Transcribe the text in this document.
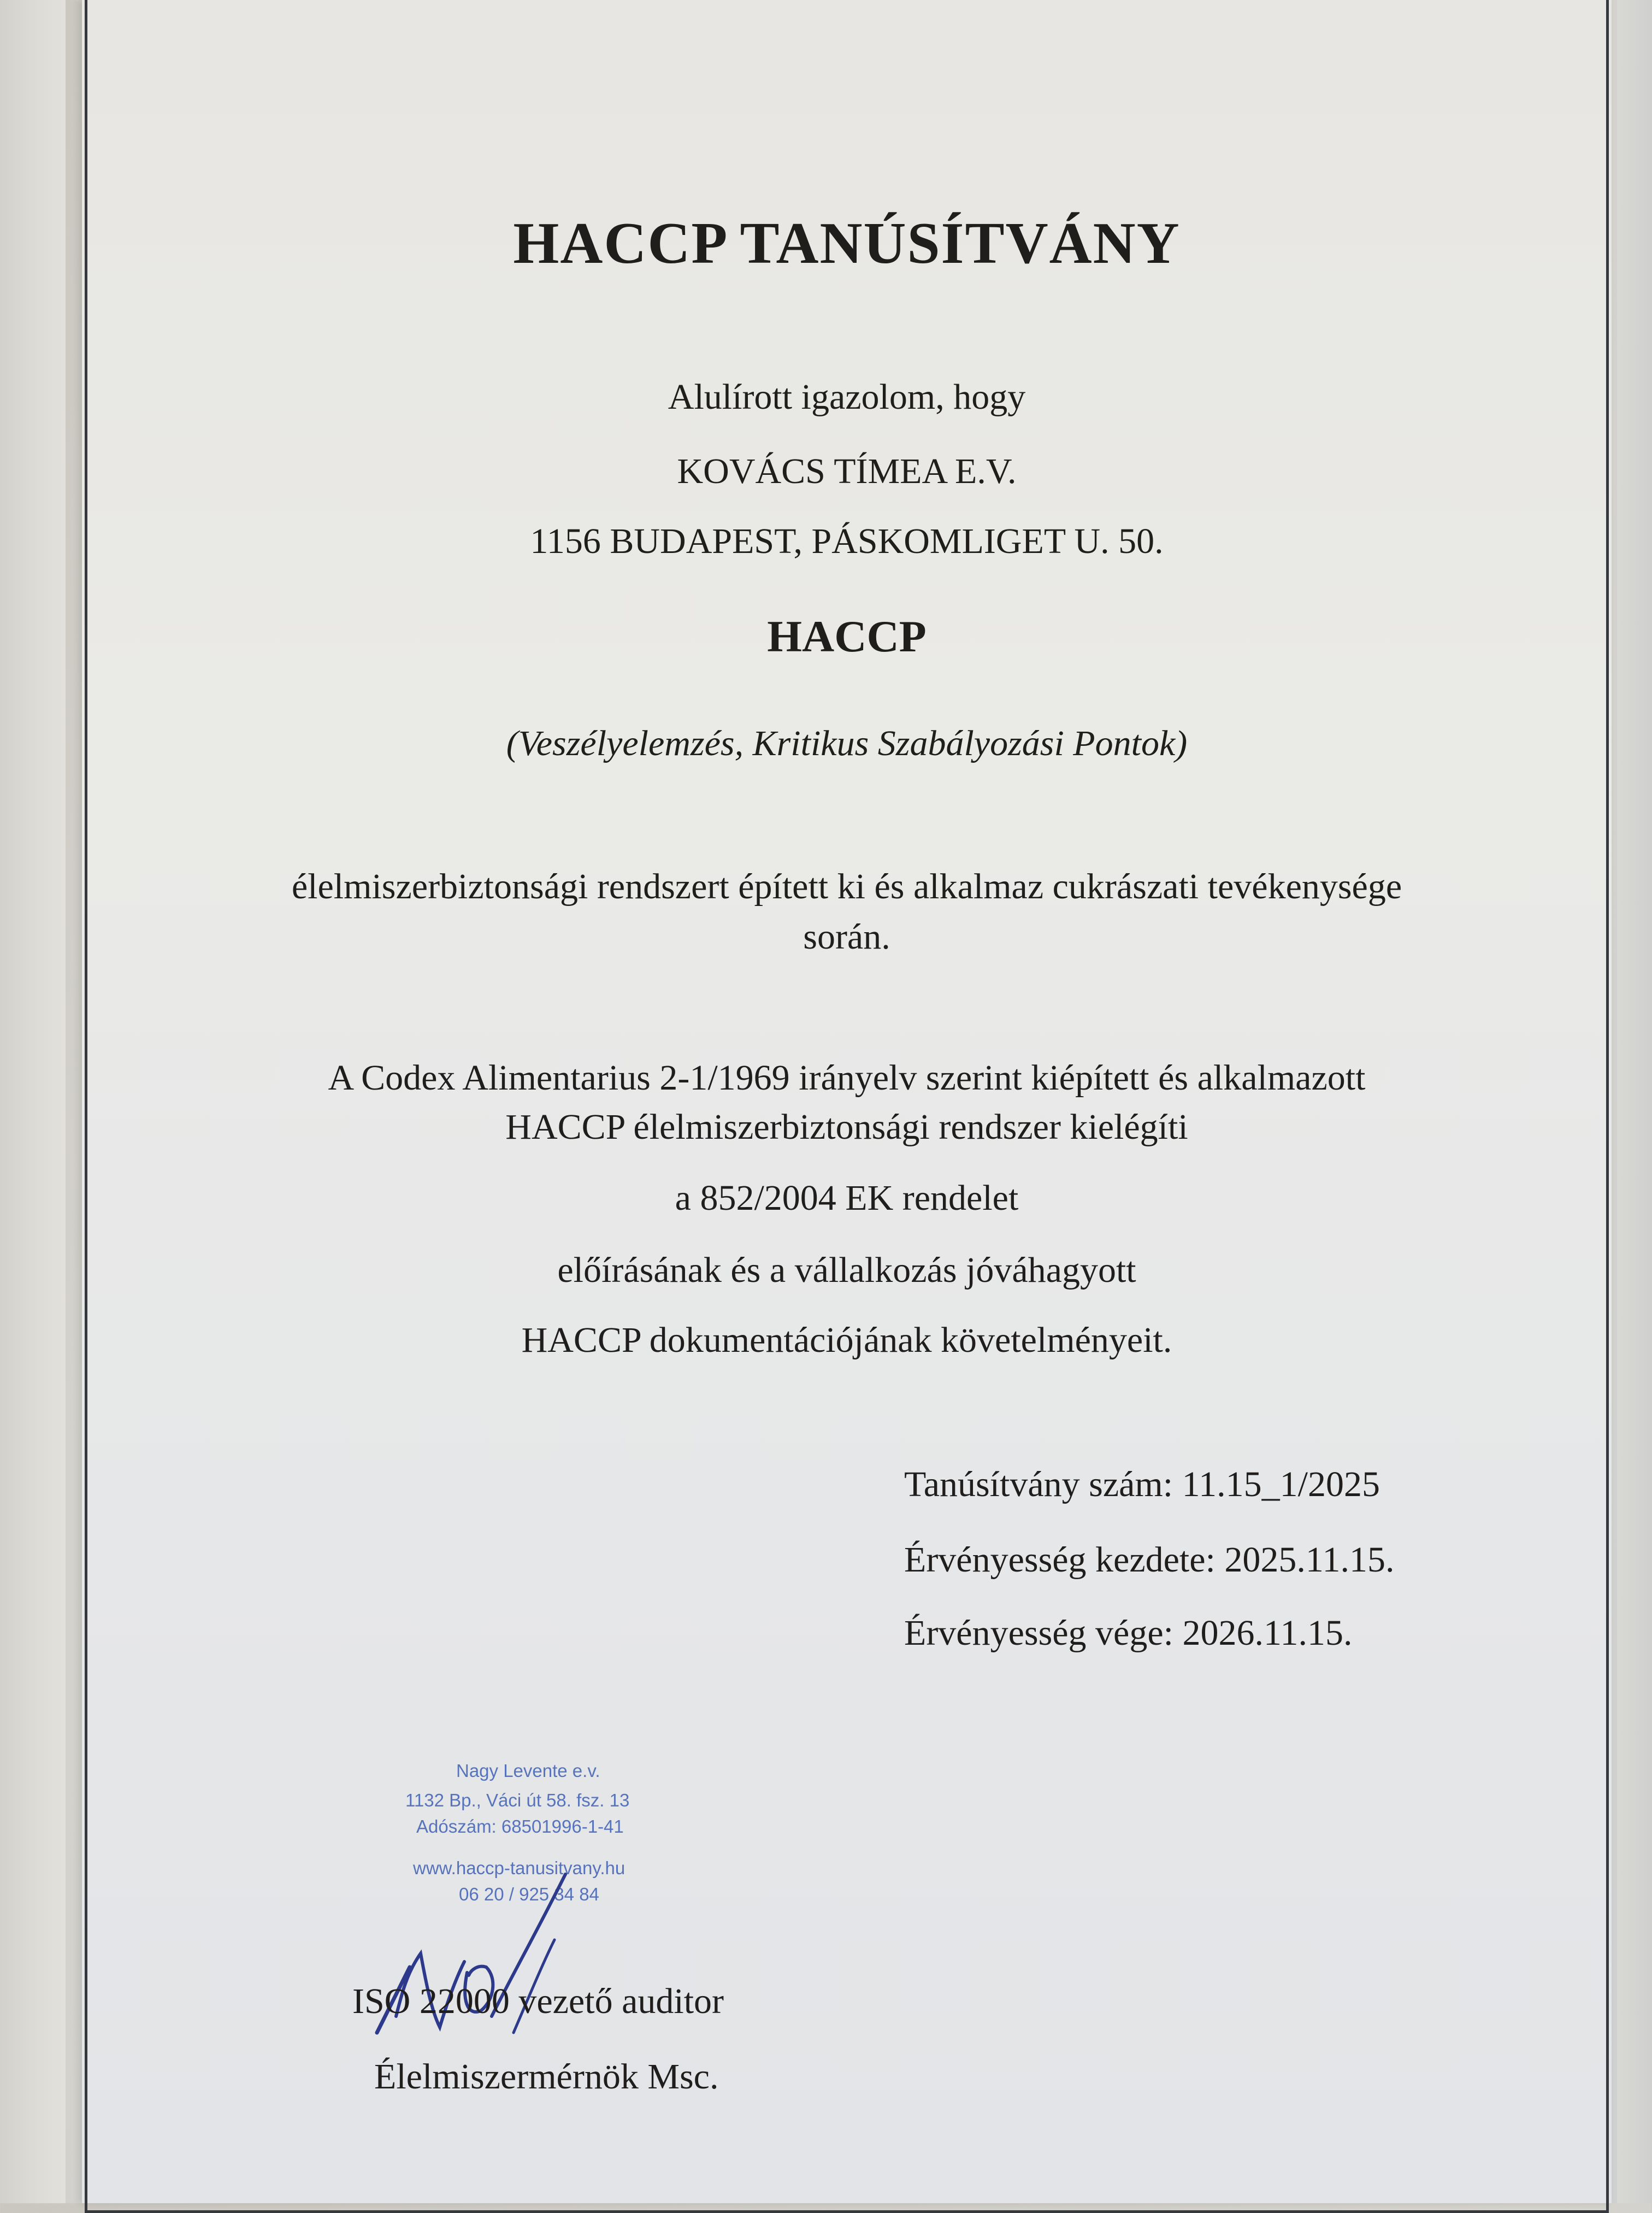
HACCP TANÚSÍTVÁNY
Alulírott igazolom, hogy
KOVÁCS TÍMEA E.V.
1156 BUDAPEST, PÁSKOMLIGET U. 50.
HACCP
(Veszélyelemzés, Kritikus Szabályozási Pontok)
élelmiszerbiztonsági rendszert épített ki és alkalmaz cukrászati tevékenysége
során.
A Codex Alimentarius 2-1/1969 irányelv szerint kiépített és alkalmazott
HACCP élelmiszerbiztonsági rendszer kielégíti
a 852/2004 EK rendelet
előírásának és a vállalkozás jóváhagyott
HACCP dokumentációjának követelményeit.
Tanúsítvány szám: 11.15_1/2025
Érvényesség kezdete: 2025.11.15.
Érvényesség vége: 2026.11.15.
Nagy Levente e.v.
1132 Bp., Váci út 58. fsz. 13
Adószám: 68501996-1-41
www.haccp-tanusitvany.hu
06 20 / 925 34 84
ISO 22000 vezető auditor
Élelmiszermérnök Msc.
